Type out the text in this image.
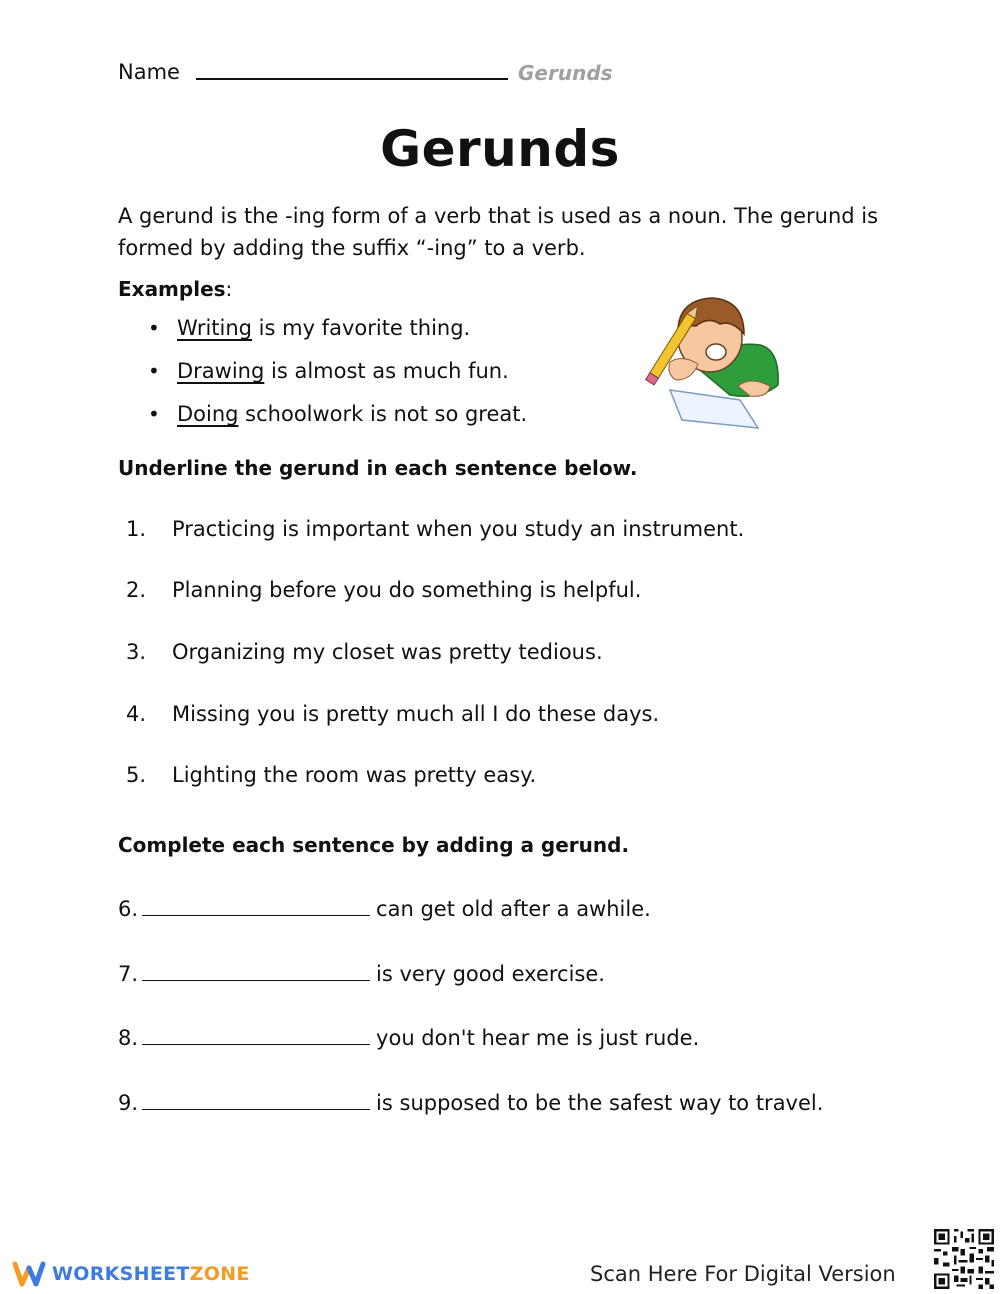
Name	Gerunds
Gerunds
A gerund is the -ing form of a verb that is used as a noun. The gerund is formed by adding the suffix “-ing” to a verb.
Examples:
• Writing is my favorite thing.
• Drawing is almost as much fun.
• Doing schoolwork is not so great.
Underline the gerund in each sentence below.
1. Practicing is important when you study an instrument.
2. Planning before you do something is helpful.
3. Organizing my closet was pretty tedious.
4. Missing you is pretty much all I do these days.
5. Lighting the room was pretty easy.
Complete each sentence by adding a gerund.
6.	can get old after a awhile.
7.	is very good exercise.
8.	you don't hear me is just rude.
9.	is supposed to be the safest way to travel.
WORKSHEETZONE	Scan Here For Digital Version
